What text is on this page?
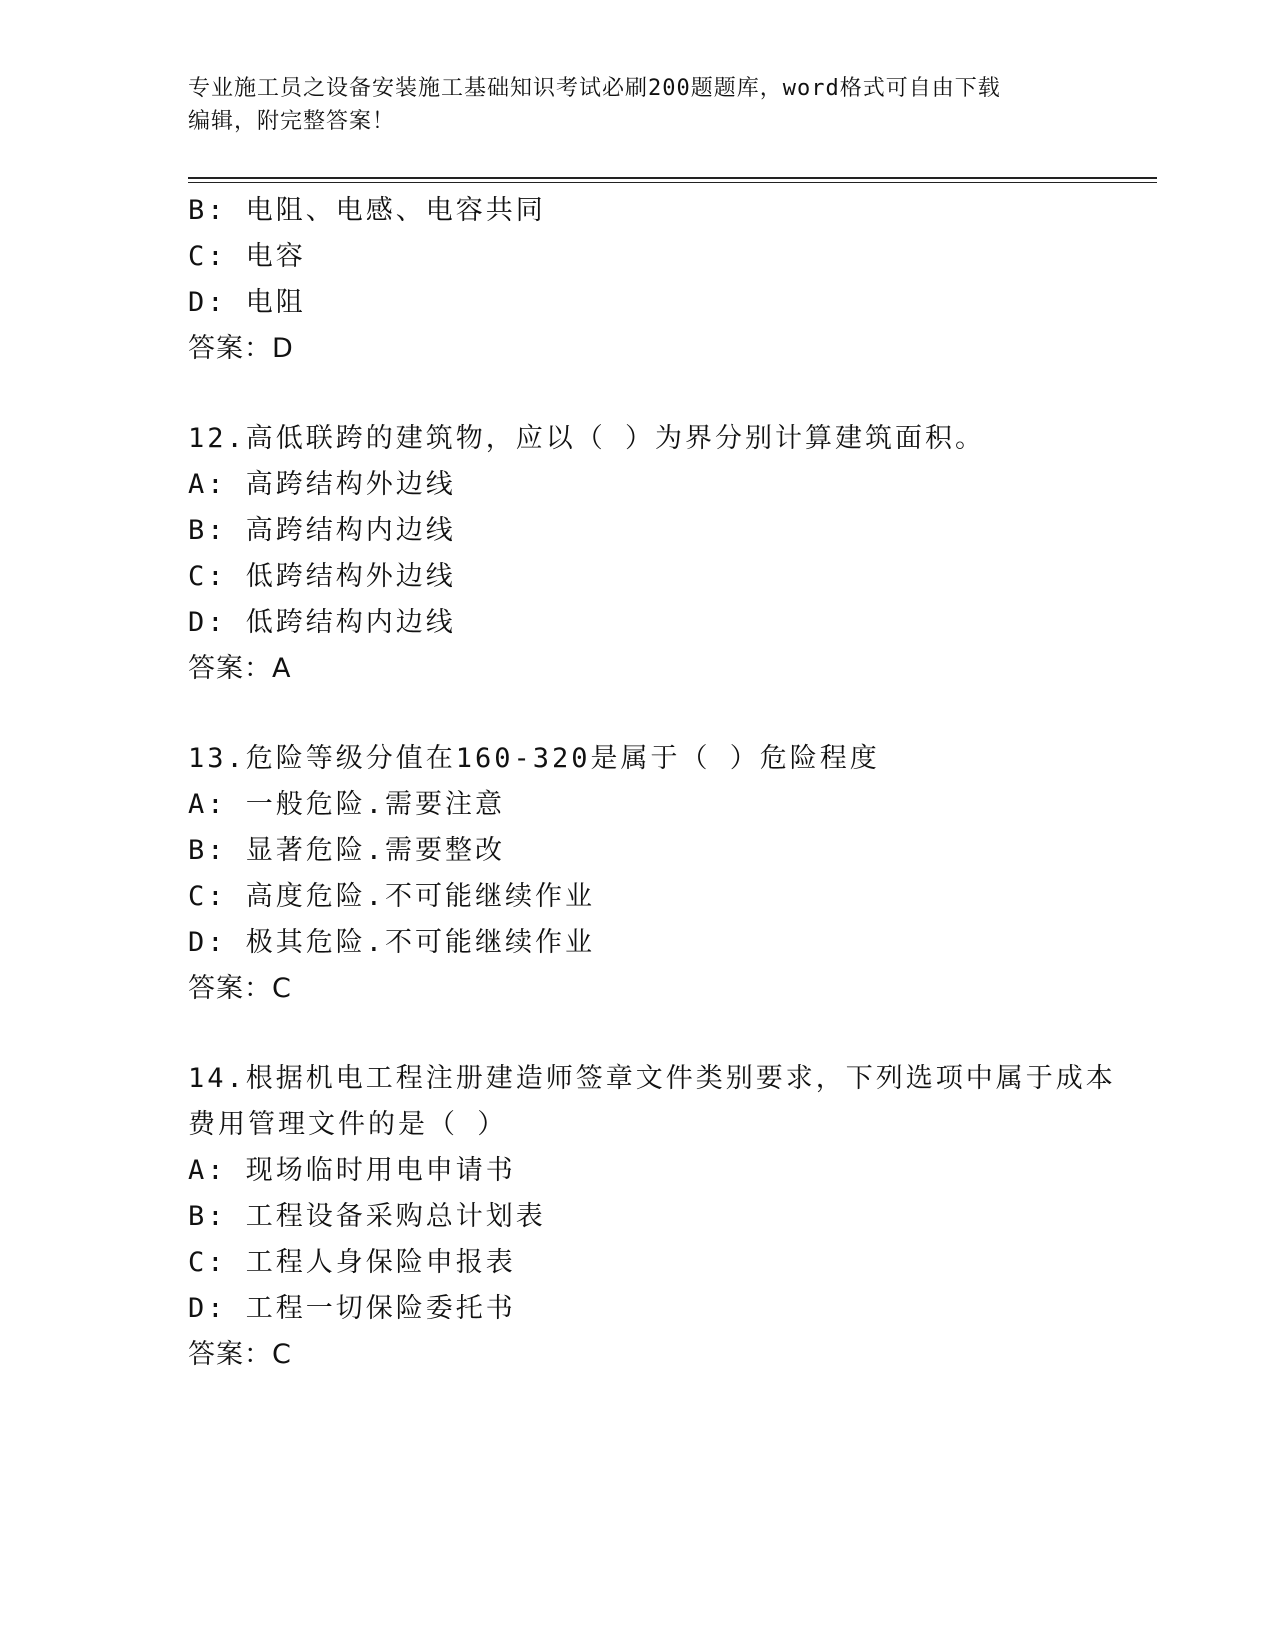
专业施工员之设备安装施工基础知识考试必刷200题题库，word格式可自由下载
编辑，附完整答案！
B: 电阻、电感、电容共同
C: 电容
D: 电阻
答案：D
12.高低联跨的建筑物，应以（ ）为界分别计算建筑面积。
A: 高跨结构外边线
B: 高跨结构内边线
C: 低跨结构外边线
D: 低跨结构内边线
答案：A
13.危险等级分值在160-320是属于（ ）危险程度
A: 一般危险.需要注意
B: 显著危险.需要整改
C: 高度危险.不可能继续作业
D: 极其危险.不可能继续作业
答案：C
14.根据机电工程注册建造师签章文件类别要求，下列选项中属于成本
费用管理文件的是（ ）
A: 现场临时用电申请书
B: 工程设备采购总计划表
C: 工程人身保险申报表
D: 工程一切保险委托书
答案：C
